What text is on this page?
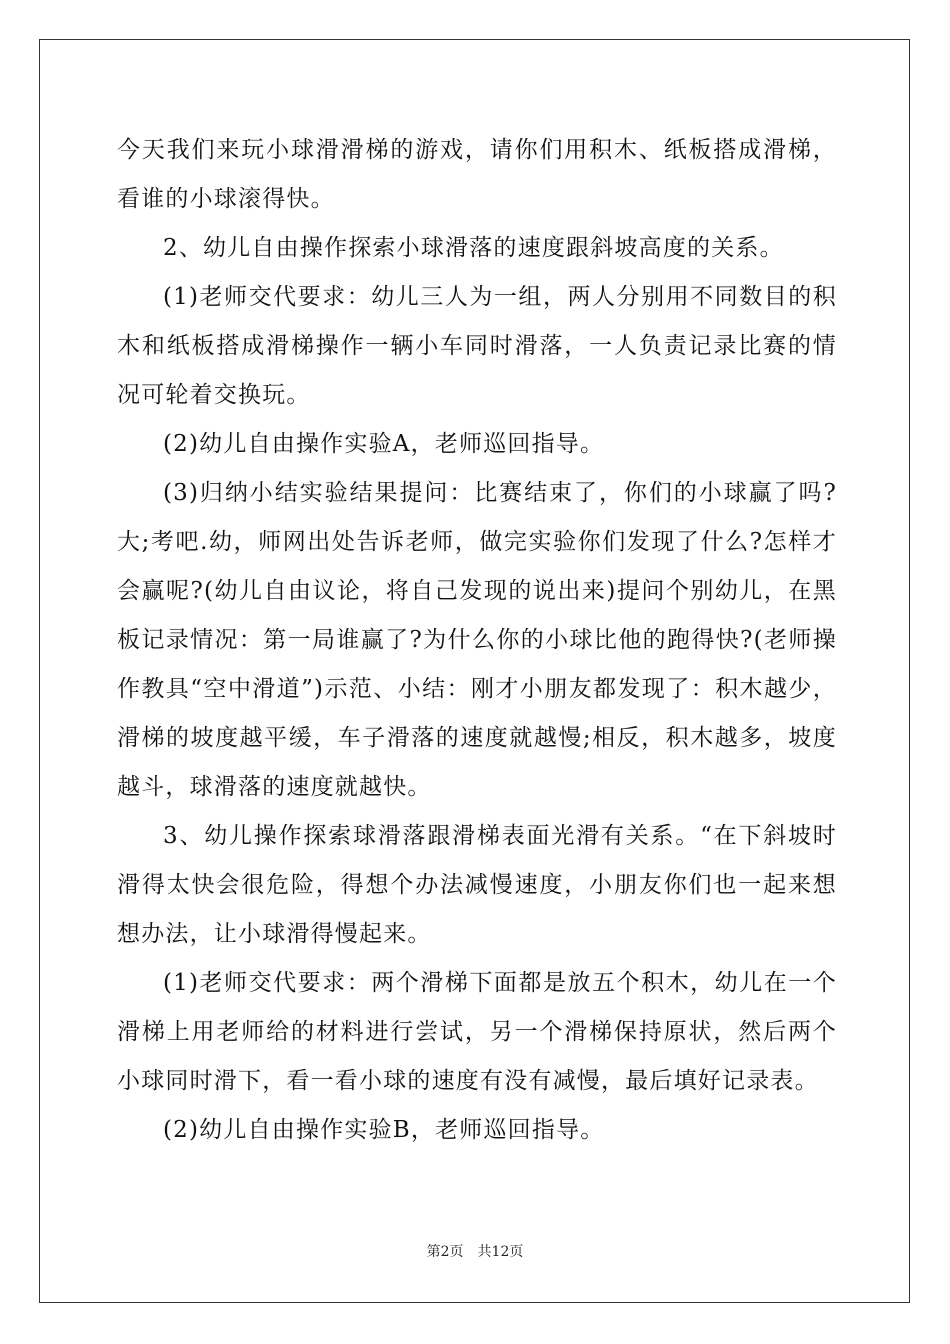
今天我们来玩小球滑滑梯的游戏，请你们用积木、纸板搭成滑梯，看谁的小球滚得快。

2、幼儿自由操作探索小球滑落的速度跟斜坡高度的关系。

(1)老师交代要求：幼儿三人为一组，两人分别用不同数目的积木和纸板搭成滑梯操作一辆小车同时滑落，一人负责记录比赛的情况可轮着交换玩。

(2)幼儿自由操作实验A，老师巡回指导。

(3)归纳小结实验结果提问：比赛结束了，你们的小球赢了吗?大;考吧.幼，师网出处告诉老师，做完实验你们发现了什么?怎样才会赢呢?(幼儿自由议论，将自己发现的说出来)提问个别幼儿，在黑板记录情况：第一局谁赢了?为什么你的小球比他的跑得快?(老师操作教具“空中滑道”)示范、小结：刚才小朋友都发现了：积木越少，滑梯的坡度越平缓，车子滑落的速度就越慢;相反，积木越多，坡度越斗，球滑落的速度就越快。

3、幼儿操作探索球滑落跟滑梯表面光滑有关系。“在下斜坡时滑得太快会很危险，得想个办法减慢速度，小朋友你们也一起来想想办法，让小球滑得慢起来。

(1)老师交代要求：两个滑梯下面都是放五个积木，幼儿在一个滑梯上用老师给的材料进行尝试，另一个滑梯保持原状，然后两个小球同时滑下，看一看小球的速度有没有减慢，最后填好记录表。

(2)幼儿自由操作实验B，老师巡回指导。

第2页 共12页
